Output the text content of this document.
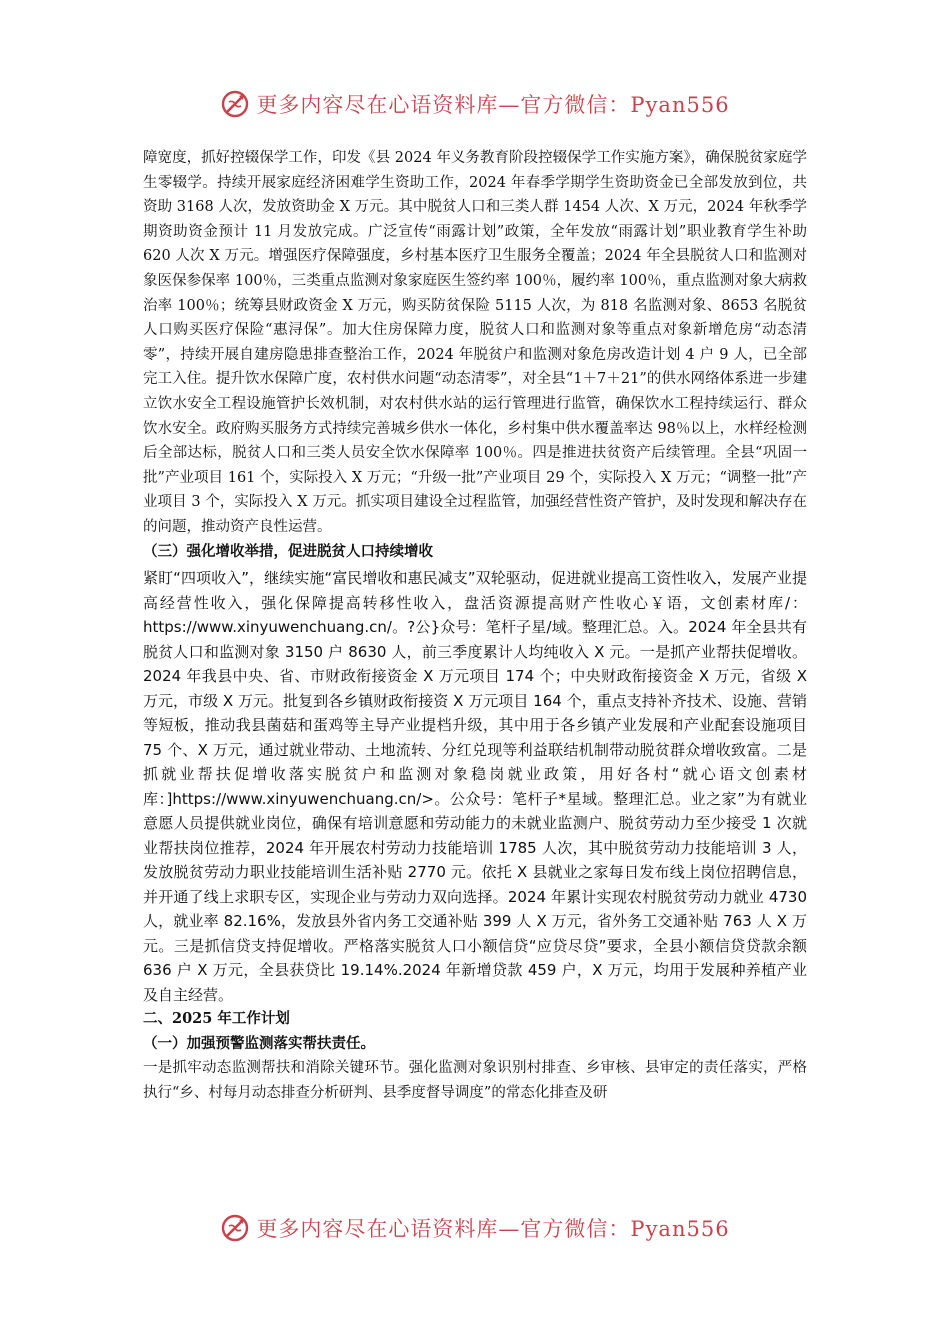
更多内容尽在心语资料库—官方微信：Pyan556

障宽度，抓好控辍保学工作，印发《县 2024 年义务教育阶段控辍保学工作实施方案》，确保脱贫家庭学生零辍学。持续开展家庭经济困难学生资助工作，2024 年春季学期学生资助资金已全部发放到位，共资助 3168 人次，发放资助金 X 万元。其中脱贫人口和三类人群 1454 人次、X 万元，2024 年秋季学期资助资金预计 11 月发放完成。广泛宣传“雨露计划”政策，全年发放“雨露计划”职业教育学生补助 620 人次 X 万元。增强医疗保障强度，乡村基本医疗卫生服务全覆盖；2024 年全县脱贫人口和监测对象医保参保率 100％，三类重点监测对象家庭医生签约率 100％，履约率 100％，重点监测对象大病救治率 100％；统筹县财政资金 X 万元，购买防贫保险 5115 人次，为 818 名监测对象、8653 名脱贫人口购买医疗保险“惠浔保”。加大住房保障力度，脱贫人口和监测对象等重点对象新增危房“动态清零”，持续开展自建房隐患排查整治工作，2024 年脱贫户和监测对象危房改造计划 4 户 9 人，已全部完工入住。提升饮水保障广度，农村供水问题“动态清零”，对全县“1＋7＋21”的供水网络体系进一步建立饮水安全工程设施管护长效机制，对农村供水站的运行管理进行监管，确保饮水工程持续运行、群众饮水安全。政府购买服务方式持续完善城乡供水一体化，乡村集中供水覆盖率达 98％以上，水样经检测后全部达标，脱贫人口和三类人员安全饮水保障率 100％。四是推进扶贫资产后续管理。全县“巩固一批”产业项目 161 个，实际投入 X 万元；“升级一批”产业项目 29 个，实际投入 X 万元；“调整一批”产业项目 3 个，实际投入 X 万元。抓实项目建设全过程监管，加强经营性资产管护，及时发现和解决存在的问题，推动资产良性运营。

（三）强化增收举措，促进脱贫人口持续增收

紧盯“四项收入”，继续实施“富民增收和惠民减支”双轮驱动，促进就业提高工资性收入，发展产业提高经营性收入，强化保障提高转移性收入，盘活资源提高财产性收心￥语，文创素材库/：https://www.xinyuwenchuang.cn/。?公}众号：笔杆子星/域。整理汇总。入。2024 年全县共有脱贫人口和监测对象 3150 户 8630 人，前三季度累计人均纯收入 X 元。一是抓产业帮扶促增收。2024 年我县中央、省、市财政衔接资金 X 万元项目 174 个；中央财政衔接资金 X 万元，省级 X 万元，市级 X 万元。批复到各乡镇财政衔接资 X 万元项目 164 个，重点支持补齐技术、设施、营销等短板，推动我县菌菇和蛋鸡等主导产业提档升级，其中用于各乡镇产业发展和产业配套设施项目 75 个、X 万元，通过就业带动、土地流转、分红兑现等利益联结机制带动脱贫群众增收致富。二是抓就业帮扶促增收落实脱贫户和监测对象稳岗就业政策，用好各村“就心语文创素材库：]https://www.xinyuwenchuang.cn/>。公众号：笔杆子*星域。整理汇总。业之家”为有就业意愿人员提供就业岗位，确保有培训意愿和劳动能力的未就业监测户、脱贫劳动力至少接受 1 次就业帮扶岗位推荐，2024 年开展农村劳动力技能培训 1785 人次，其中脱贫劳动力技能培训 3 人，发放脱贫劳动力职业技能培训生活补贴 2770 元。依托 X 县就业之家每日发布线上岗位招聘信息，并开通了线上求职专区，实现企业与劳动力双向选择。2024 年累计实现农村脱贫劳动力就业 4730 人，就业率 82.16%，发放县外省内务工交通补贴 399 人 X 万元，省外务工交通补贴 763 人 X 万元。三是抓信贷支持促增收。严格落实脱贫人口小额信贷“应贷尽贷”要求，全县小额信贷贷款余额 636 户 X 万元，全县获贷比 19.14%.2024 年新增贷款 459 户，X 万元，均用于发展种养植产业及自主经营。

二、2025 年工作计划

（一）加强预警监测落实帮扶责任。

一是抓牢动态监测帮扶和消除关键环节。强化监测对象识别村排查、乡审核、县审定的责任落实，严格执行“乡、村每月动态排查分析研判、县季度督导调度”的常态化排查及研

更多内容尽在心语资料库—官方微信：Pyan556
